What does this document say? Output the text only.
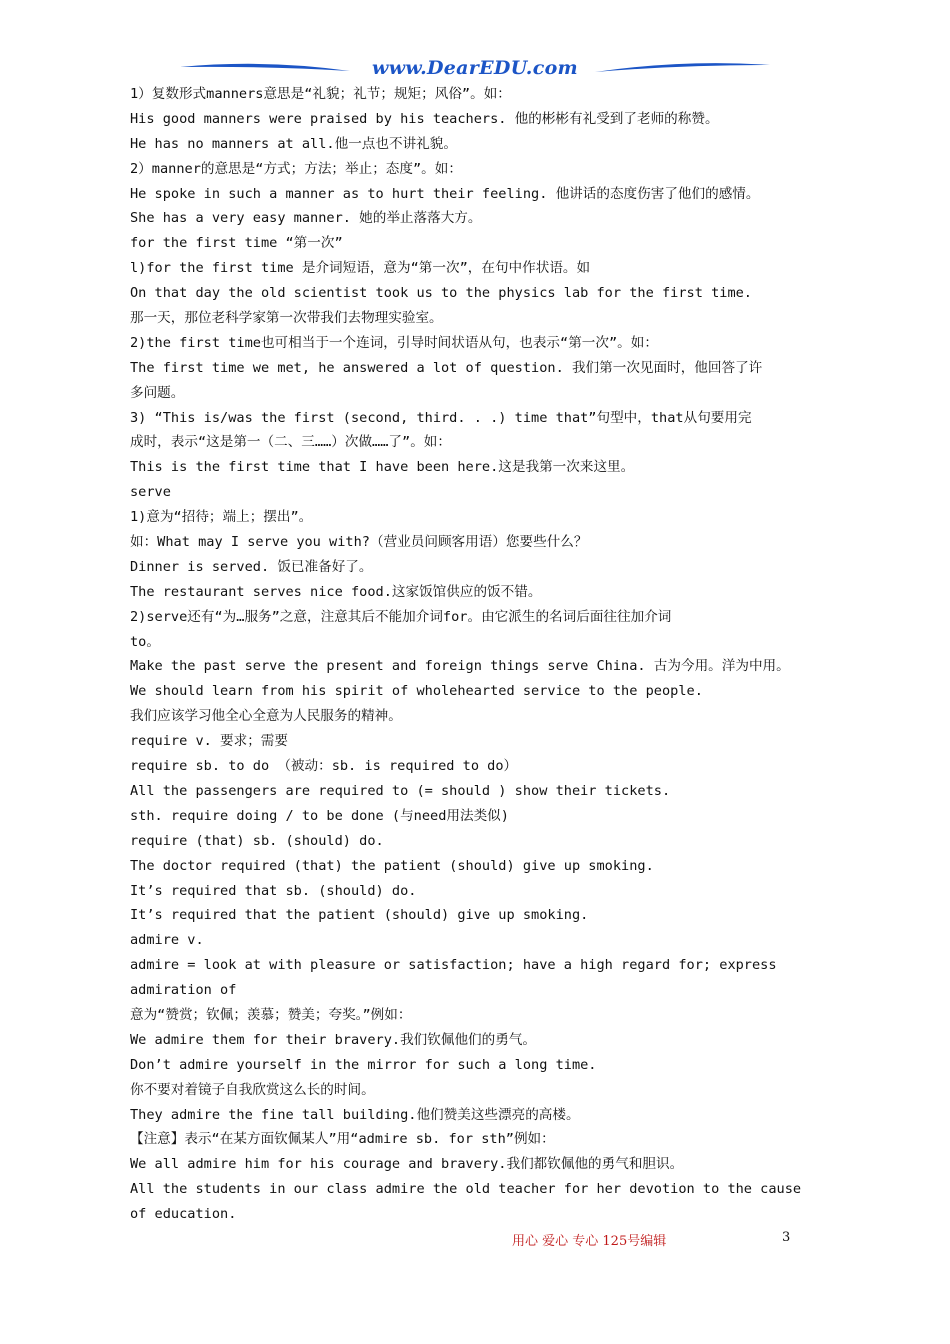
www.DearEDU.com
1）复数形式manners意思是“礼貌；礼节；规矩；风俗”。如：
His good manners were praised by his teachers. 他的彬彬有礼受到了老师的称赞。
He has no manners at all.他一点也不讲礼貌。
2）manner的意思是“方式；方法；举止；态度”。如：
He spoke in such a manner as to hurt their feeling. 他讲话的态度伤害了他们的感情。
She has a very easy manner. 她的举止落落大方。
for the first time “第一次”
l)for the first time 是介词短语，意为“第一次”，在句中作状语。如
On that day the old scientist took us to the physics lab for the first time.
那一天，那位老科学家第一次带我们去物理实验室。
2)the first time也可相当于一个连词，引导时间状语从句，也表示“第一次”。如：
The first time we met, he answered a lot of question. 我们第一次见面时，他回答了许
多问题。
3) “This is/was the first (second, third. . .) time that”句型中，that从句要用完
成时，表示“这是第一（二、三……）次做……了”。如：
This is the first time that I have been here.这是我第一次来这里。
serve
1)意为“招待；端上；摆出”。
如：What may I serve you with?（营业员问顾客用语）您要些什么？
Dinner is served. 饭已准备好了。
The restaurant serves nice food.这家饭馆供应的饭不错。
2)serve还有“为…服务”之意，注意其后不能加介词for。由它派生的名词后面往往加介词
to。
Make the past serve the present and foreign things serve China. 古为今用。洋为中用。
We should learn from his spirit of wholehearted service to the people.
我们应该学习他全心全意为人民服务的精神。
require v. 要求；需要
require sb. to do （被动：sb. is required to do）
All the passengers are required to (= should ) show their tickets.
sth. require doing / to be done (与need用法类似)
require (that) sb. (should) do.
The doctor required (that) the patient (should) give up smoking.
It’s required that sb. (should) do.
It’s required that the patient (should) give up smoking.
admire v.
admire = look at with pleasure or satisfaction; have a high regard for; express
admiration of
意为“赞赏；钦佩；羡慕；赞美；夸奖。”例如：
We admire them for their bravery.我们钦佩他们的勇气。
Don’t admire yourself in the mirror for such a long time.
你不要对着镜子自我欣赏这么长的时间。
They admire the fine tall building.他们赞美这些漂亮的高楼。
【注意】表示“在某方面钦佩某人”用“admire sb. for sth”例如：
We all admire him for his courage and bravery.我们都钦佩他的勇气和胆识。
All the students in our class admire the old teacher for her devotion to the cause
of education.
用心 爱心 专心 125号编辑	3
